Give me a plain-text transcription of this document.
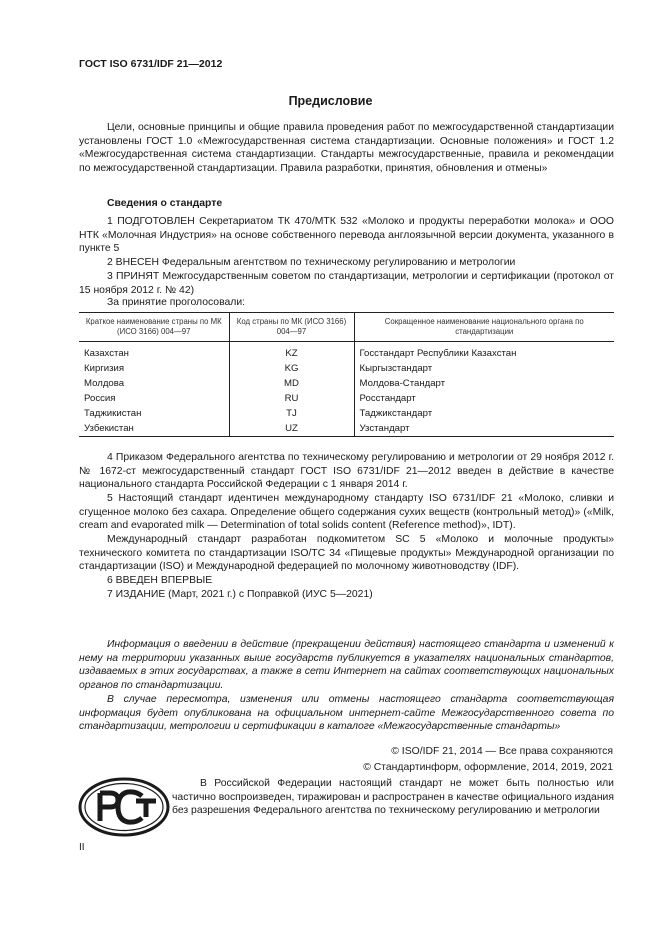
ГОСТ ISO 6731/IDF 21—2012
Предисловие
Цели, основные принципы и общие правила проведения работ по межгосударственной стандартизации установлены ГОСТ 1.0 «Межгосударственная система стандартизации. Основные положения» и ГОСТ 1.2 «Межгосударственная система стандартизации. Стандарты межгосударственные, правила и рекомендации по межгосударственной стандартизации. Правила разработки, принятия, обновления и отмены»
Сведения о стандарте
1 ПОДГОТОВЛЕН Секретариатом ТК 470/МТК 532 «Молоко и продукты переработки молока» и ООО НТК «Молочная Индустрия» на основе собственного перевода англоязычной версии документа, указанного в пункте 5
2 ВНЕСЕН Федеральным агентством по техническому регулированию и метрологии
3 ПРИНЯТ Межгосударственным советом по стандартизации, метрологии и сертификации (протокол от 15 ноября 2012 г. № 42)
За принятие проголосовали:
Краткое наименование страны по МК (ИСО 3166) 004—97	Код страны по МК (ИСО 3166) 004—97	Сокращенное наименование национального органа по стандартизации
Казахстан	KZ	Госстандарт Республики Казахстан
Киргизия	KG	Кыргызстандарт
Молдова	MD	Молдова-Стандарт
Россия	RU	Росстандарт
Таджикистан	TJ	Таджикстандарт
Узбекистан	UZ	Узстандарт
4 Приказом Федерального агентства по техническому регулированию и метрологии от 29 ноября 2012 г. № 1672-ст межгосударственный стандарт ГОСТ ISO 6731/IDF 21—2012 введен в действие в качестве национального стандарта Российской Федерации с 1 января 2014 г.
5 Настоящий стандарт идентичен международному стандарту ISO 6731/IDF 21 «Молоко, сливки и сгущенное молоко без сахара. Определение общего содержания сухих веществ (контрольный метод)» («Milk, cream and evaporated milk — Determination of total solids content (Reference method)», IDT).
Международный стандарт разработан подкомитетом SC 5 «Молоко и молочные продукты» технического комитета по стандартизации ISO/TC 34 «Пищевые продукты» Международной организации по стандартизации (ISO) и Международной федерацией по молочному животноводству (IDF).
6 ВВЕДЕН ВПЕРВЫЕ
7 ИЗДАНИЕ (Март, 2021 г.) с Поправкой (ИУС 5—2021)
Информация о введении в действие (прекращении действия) настоящего стандарта и изменений к нему на территории указанных выше государств публикуется в указателях национальных стандартов, издаваемых в этих государствах, а также в сети Интернет на сайтах соответствующих национальных органов по стандартизации.
В случае пересмотра, изменения или отмены настоящего стандарта соответствующая информация будет опубликована на официальном интернет-сайте Межгосударственного совета по стандартизации, метрологии и сертификации в каталоге «Межгосударственные стандарты»
© ISO/IDF 21, 2014 — Все права сохраняются
© Стандартинформ, оформление, 2014, 2019, 2021
В Российской Федерации настоящий стандарт не может быть полностью или частично воспроизведен, тиражирован и распространен в качестве официального издания без разрешения Федерального агентства по техническому регулированию и метрологии
II
